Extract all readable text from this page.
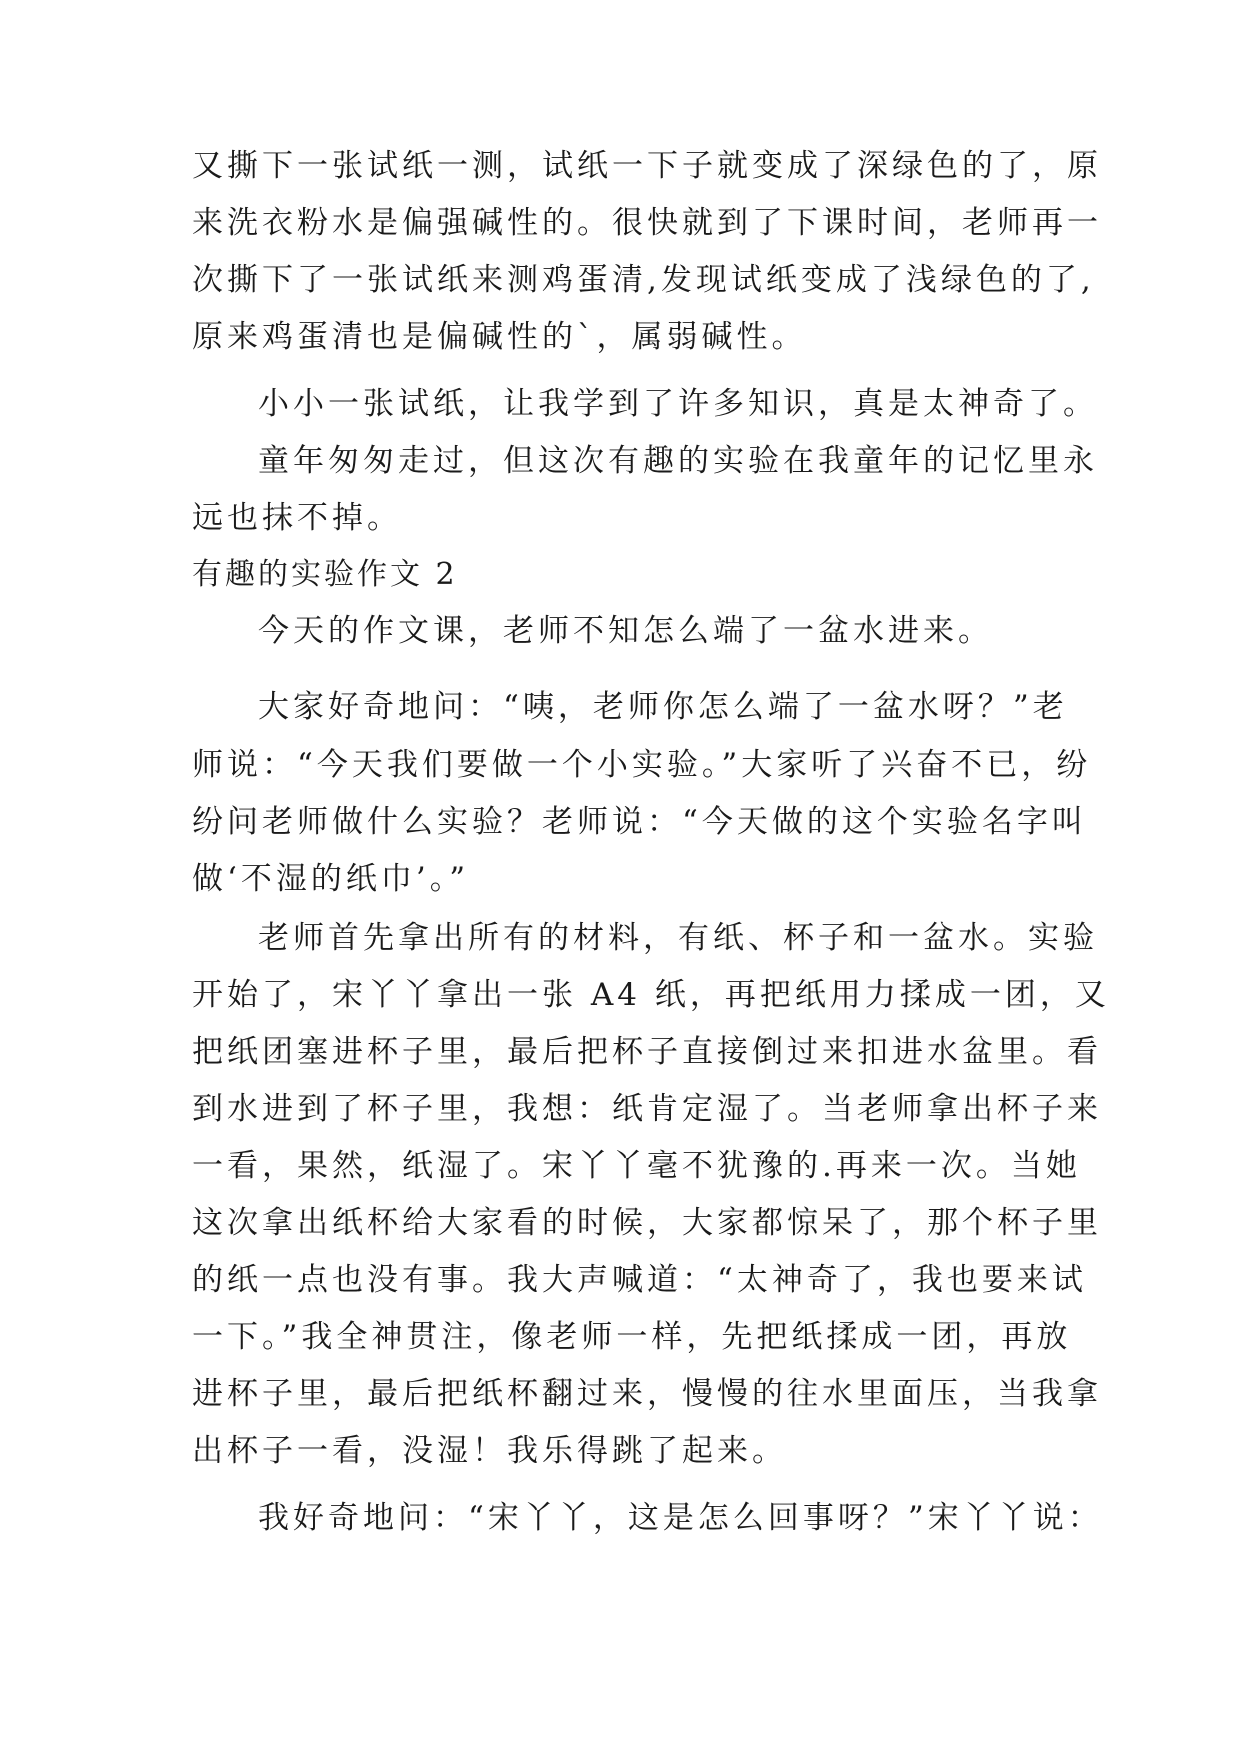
又撕下一张试纸一测，试纸一下子就变成了深绿色的了，原
来洗衣粉水是偏强碱性的。很快就到了下课时间，老师再一
次撕下了一张试纸来测鸡蛋清,发现试纸变成了浅绿色的了,
原来鸡蛋清也是偏碱性的`，属弱碱性。
小小一张试纸，让我学到了许多知识，真是太神奇了。
童年匆匆走过，但这次有趣的实验在我童年的记忆里永
远也抹不掉。
有趣的实验作文 2
今天的作文课，老师不知怎么端了一盆水进来。
大家好奇地问：“咦，老师你怎么端了一盆水呀？”老
师说：“今天我们要做一个小实验。”大家听了兴奋不已，纷
纷问老师做什么实验？老师说：“今天做的这个实验名字叫
做‘不湿的纸巾’。”
老师首先拿出所有的材料，有纸、杯子和一盆水。实验
开始了，宋丫丫拿出一张 A4 纸，再把纸用力揉成一团，又
把纸团塞进杯子里，最后把杯子直接倒过来扣进水盆里。看
到水进到了杯子里，我想：纸肯定湿了。当老师拿出杯子来
一看，果然，纸湿了。宋丫丫毫不犹豫的.再来一次。当她
这次拿出纸杯给大家看的时候，大家都惊呆了，那个杯子里
的纸一点也没有事。我大声喊道：“太神奇了，我也要来试
一下。”我全神贯注，像老师一样，先把纸揉成一团，再放
进杯子里，最后把纸杯翻过来，慢慢的往水里面压，当我拿
出杯子一看，没湿！我乐得跳了起来。
我好奇地问：“宋丫丫，这是怎么回事呀？”宋丫丫说：
